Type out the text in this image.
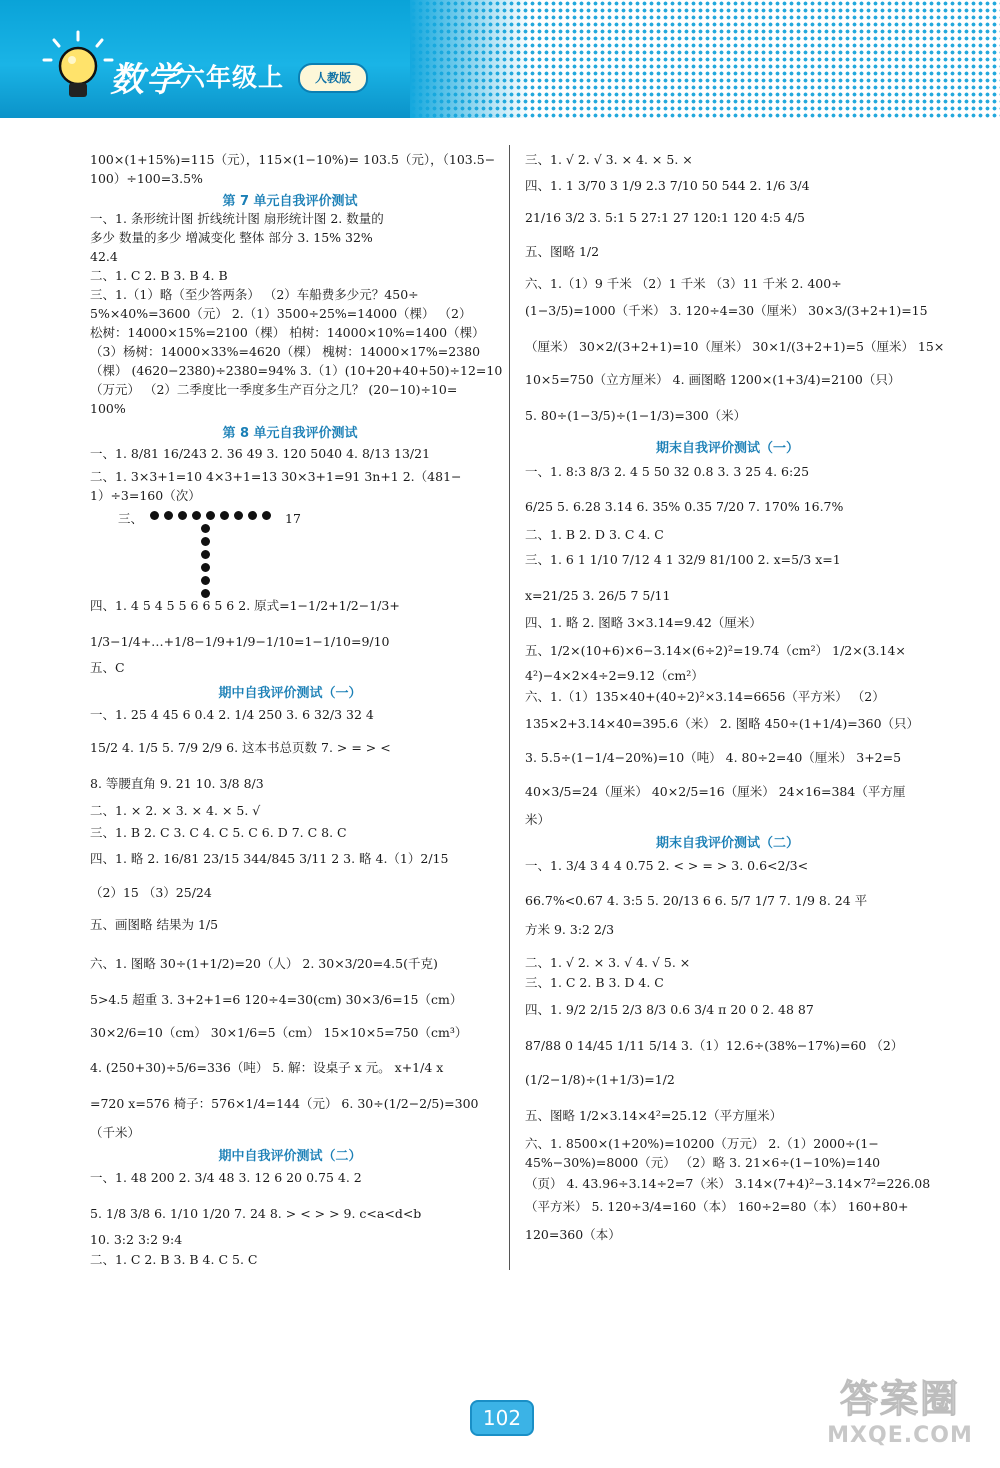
数学
六年级上	人教版
100×(1+15%)=115（元），115×(1−10%)= 103.5（元），（103.5−
100）÷100=3.5%
第 7 单元自我评价测试
一、1. 条形统计图 折线统计图 扇形统计图 2. 数量的
多少 数量的多少 增减变化 整体 部分 3. 15% 32%
42.4
二、1. C 2. B 3. B 4. B
三、1.（1）略（至少答两条） （2）车船费多少元？450÷
5%×40%=3600（元） 2.（1）3500÷25%=14000（棵） （2）
松树：14000×15%=2100（棵） 柏树：14000×10%=1400（棵）
（3）杨树：14000×33%=4620（棵） 槐树：14000×17%=2380
（棵） (4620−2380)÷2380=94% 3.（1）(10+20+40+50)÷12=10
（万元） （2）二季度比一季度多生产百分之几？ (20−10)÷10=
100%
第 8 单元自我评价测试
一、1. 8/81 16/243 2. 36 49 3. 120 5040 4. 8/13 13/21
二、1. 3×3+1=10 4×3+1=13 30×3+1=91 3n+1 2.（481−
1）÷3=160（次）
三、	17
四、1. 4 5 4 5 5 6 6 5 6 2. 原式=1−1/2+1/2−1/3+
1/3−1/4+…+1/8−1/9+1/9−1/10=1−1/10=9/10
五、C
期中自我评价测试（一）
一、1. 25 4 45 6 0.4 2. 1/4 250 3. 6 32/3 32 4
15/2 4. 1/5 5. 7/9 2/9 6. 这本书总页数 7. > = > <
8. 等腰直角 9. 21 10. 3/8 8/3
二、1. × 2. × 3. × 4. × 5. √
三、1. B 2. C 3. C 4. C 5. C 6. D 7. C 8. C
四、1. 略 2. 16/81 23/15 344/845 3/11 2 3. 略 4.（1）2/15
（2）15 （3）25/24
五、画图略 结果为 1/5
六、1. 图略 30÷(1+1/2)=20（人） 2. 30×3/20=4.5(千克)
5>4.5 超重 3. 3+2+1=6 120÷4=30(cm) 30×3/6=15（cm）
30×2/6=10（cm） 30×1/6=5（cm） 15×10×5=750（cm³）
4. (250+30)÷5/6=336（吨） 5. 解：设桌子 x 元。 x+1/4 x
=720 x=576 椅子：576×1/4=144（元） 6. 30÷(1/2−2/5)=300
（千米）
期中自我评价测试（二）
一、1. 48 200 2. 3/4 48 3. 12 6 20 0.75 4. 2
5. 1/8 3/8 6. 1/10 1/20 7. 24 8. > < > > 9. c<a<d<b
10. 3:2 3:2 9:4
二、1. C 2. B 3. B 4. C 5. C
三、1. √ 2. √ 3. × 4. × 5. ×
四、1. 1 3/70 3 1/9 2.3 7/10 50 544 2. 1/6 3/4
21/16 3/2 3. 5:1 5 27:1 27 120:1 120 4:5 4/5
五、图略 1/2
六、1.（1）9 千米 （2）1 千米 （3）11 千米 2. 400÷
(1−3/5)=1000（千米） 3. 120÷4=30（厘米） 30×3/(3+2+1)=15
（厘米） 30×2/(3+2+1)=10（厘米） 30×1/(3+2+1)=5（厘米） 15×
10×5=750（立方厘米） 4. 画图略 1200×(1+3/4)=2100（只）
5. 80÷(1−3/5)÷(1−1/3)=300（米）
期末自我评价测试（一）
一、1. 8:3 8/3 2. 4 5 50 32 0.8 3. 3 25 4. 6:25
6/25 5. 6.28 3.14 6. 35% 0.35 7/20 7. 170% 16.7%
二、1. B 2. D 3. C 4. C
三、1. 6 1 1/10 7/12 4 1 32/9 81/100 2. x=5/3 x=1
x=21/25 3. 26/5 7 5/11
四、1. 略 2. 图略 3×3.14=9.42（厘米）
五、1/2×(10+6)×6−3.14×(6÷2)²=19.74（cm²） 1/2×(3.14×
4²)−4×2×4÷2=9.12（cm²）
六、1.（1）135×40+(40÷2)²×3.14=6656（平方米） （2）
135×2+3.14×40=395.6（米） 2. 图略 450÷(1+1/4)=360（只）
3. 5.5÷(1−1/4−20%)=10（吨） 4. 80÷2=40（厘米） 3+2=5
40×3/5=24（厘米） 40×2/5=16（厘米） 24×16=384（平方厘
米）
期末自我评价测试（二）
一、1. 3/4 3 4 4 0.75 2. < > = > 3. 0.6<2/3<
66.7%<0.67 4. 3:5 5. 20/13 6 6. 5/7 1/7 7. 1/9 8. 24 平
方米 9. 3:2 2/3
二、1. √ 2. × 3. √ 4. √ 5. ×
三、1. C 2. B 3. D 4. C
四、1. 9/2 2/15 2/3 8/3 0.6 3/4 π 20 0 2. 48 87
87/88 0 14/45 1/11 5/14 3.（1）12.6÷(38%−17%)=60 （2）
(1/2−1/8)÷(1+1/3)=1/2
五、图略 1/2×3.14×4²=25.12（平方厘米）
六、1. 8500×(1+20%)=10200（万元） 2.（1）2000÷(1−
45%−30%)=8000（元） （2）略 3. 21×6÷(1−10%)=140
（页） 4. 43.96÷3.14÷2=7（米） 3.14×(7+4)²−3.14×7²=226.08
（平方米） 5. 120÷3/4=160（本） 160÷2=80（本） 160+80+
120=360（本）
102	答案圈
MXQE.COM
